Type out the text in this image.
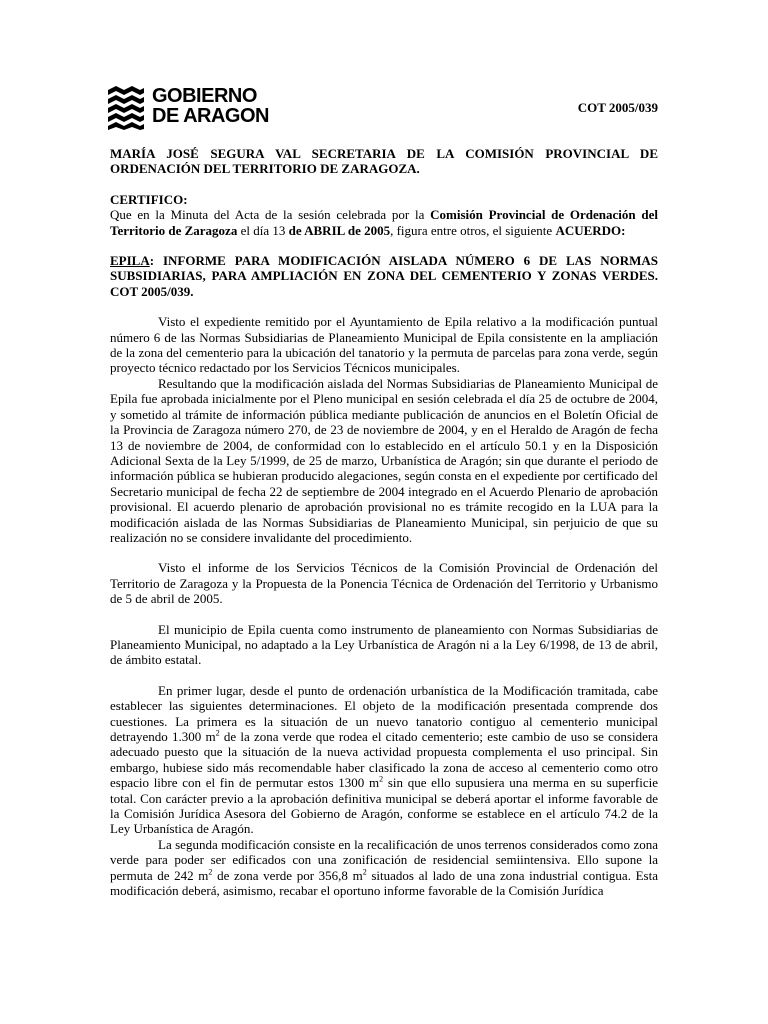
GOBIERNO
DE ARAGON	COT 2005/039

MARÍA JOSÉ SEGURA VAL SECRETARIA DE LA COMISIÓN PROVINCIAL DE ORDENACIÓN DEL TERRITORIO DE ZARAGOZA.

CERTIFICO:

Que en la Minuta del Acta de la sesión celebrada por la Comisión Provincial de Ordenación del Territorio de Zaragoza el día 13 de ABRIL de 2005, figura entre otros, el siguiente ACUERDO:

EPILA: INFORME PARA MODIFICACIÓN AISLADA NÚMERO 6 DE LAS NORMAS SUBSIDIARIAS, PARA AMPLIACIÓN EN ZONA DEL CEMENTERIO Y ZONAS VERDES. COT 2005/039.

Visto el expediente remitido por el Ayuntamiento de Epila relativo a la modificación puntual número 6 de las Normas Subsidiarias de Planeamiento Municipal de Epila consistente en la ampliación de la zona del cementerio para la ubicación del tanatorio y la permuta de parcelas para zona verde, según proyecto técnico redactado por los Servicios Técnicos municipales.

Resultando que la modificación aislada del Normas Subsidiarias de Planeamiento Municipal de Epila fue aprobada inicialmente por el Pleno municipal en sesión celebrada el día 25 de octubre de 2004, y sometido al trámite de información pública mediante publicación de anuncios en el Boletín Oficial de la Provincia de Zaragoza número 270, de 23 de noviembre de 2004, y en el Heraldo de Aragón de fecha 13 de noviembre de 2004, de conformidad con lo establecido en el artículo 50.1 y en la Disposición Adicional Sexta de la Ley 5/1999, de 25 de marzo, Urbanística de Aragón; sin que durante el periodo de información pública se hubieran producido alegaciones, según consta en el expediente por certificado del Secretario municipal de fecha 22 de septiembre de 2004 integrado en el Acuerdo Plenario de aprobación provisional. El acuerdo plenario de aprobación provisional no es trámite recogido en la LUA para la modificación aislada de las Normas Subsidiarias de Planeamiento Municipal, sin perjuicio de que su realización no se considere invalidante del procedimiento.

Visto el informe de los Servicios Técnicos de la Comisión Provincial de Ordenación del Territorio de Zaragoza y la Propuesta de la Ponencia Técnica de Ordenación del Territorio y Urbanismo de 5 de abril de 2005.

El municipio de Epila cuenta como instrumento de planeamiento con Normas Subsidiarias de Planeamiento Municipal, no adaptado a la Ley Urbanística de Aragón ni a la Ley 6/1998, de 13 de abril, de ámbito estatal.

En primer lugar, desde el punto de ordenación urbanística de la Modificación tramitada, cabe establecer las siguientes determinaciones. El objeto de la modificación presentada comprende dos cuestiones. La primera es la situación de un nuevo tanatorio contiguo al cementerio municipal detrayendo 1.300 $m^2$ de la zona verde que rodea el citado cementerio; este cambio de uso se considera adecuado puesto que la situación de la nueva actividad propuesta complementa el uso principal. Sin embargo, hubiese sido más recomendable haber clasificado la zona de acceso al cementerio como otro espacio libre con el fin de permutar estos 1300 $m^2$ sin que ello supusiera una merma en su superficie total. Con carácter previo a la aprobación definitiva municipal se deberá aportar el informe favorable de la Comisión Jurídica Asesora del Gobierno de Aragón, conforme se establece en el artículo 74.2 de la Ley Urbanística de Aragón.

La segunda modificación consiste en la recalificación de unos terrenos considerados como zona verde para poder ser edificados con una zonificación de residencial semiintensiva. Ello supone la permuta de 242 $m^2$ de zona verde por 356,8 $m^2$ situados al lado de una zona industrial contigua. Esta modificación deberá, asimismo, recabar el oportuno informe favorable de la Comisión Jurídica
